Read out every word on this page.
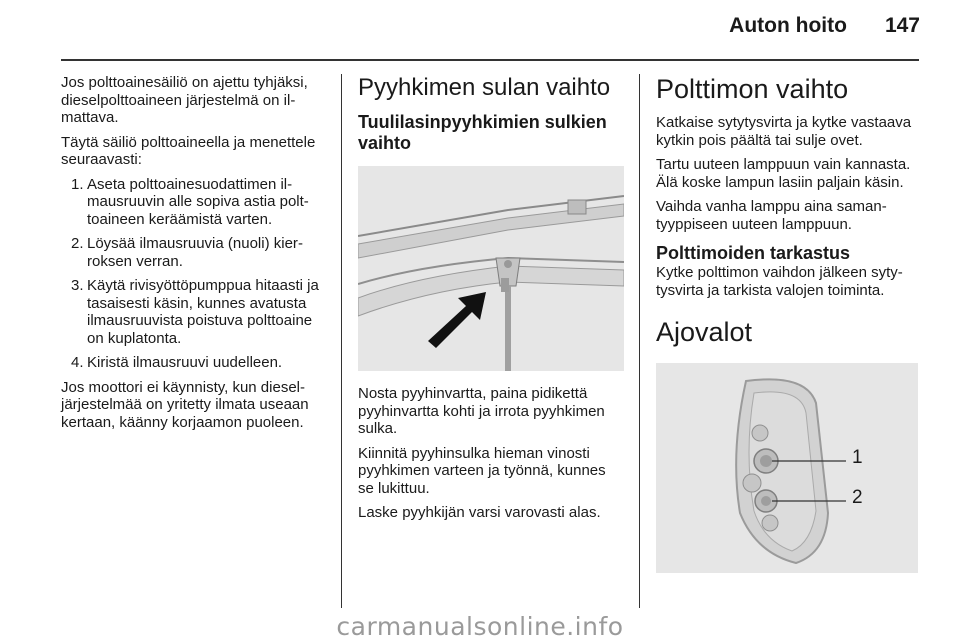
Auton hoito 147

Jos polttoainesäiliö on ajettu tyhjäksi, dieselpolttoaineen järjestelmä on ilmattava.

Täytä säiliö polttoaineella ja menettele seuraavasti:

1. Aseta polttoainesuodattimen ilmausruuvin alle sopiva astia polttoaineen keräämistä varten.
2. Löysää ilmausruuvia (nuoli) kierroksen verran.
3. Käytä rivisyöttöpumppua hitaasti ja tasaisesti käsin, kunnes avatusta ilmausruuvista poistuva polttoaine on kuplatonta.
4. Kiristä ilmausruuvi uudelleen.

Jos moottori ei käynnisty, kun dieseljärjestelmää on yritetty ilmata useaan kertaan, käänny korjaamon puoleen.

Pyyhkimen sulan vaihto
Tuulilasinpyyhkimien sulkien vaihto

Nosta pyyhinvartta, paina pidikettä pyyhinvartta kohti ja irrota pyyhkimen sulka.

Kiinnitä pyyhinsulka hieman vinosti pyyhkimen varteen ja työnnä, kunnes se lukittuu.

Laske pyyhkijän varsi varovasti alas.

Polttimon vaihto

Katkaise sytytysvirta ja kytke vastaava kytkin pois päältä tai sulje ovet.

Tartu uuteen lamppuun vain kannasta. Älä koske lampun lasiin paljain käsin.

Vaihda vanha lamppu aina samantyyppiseen uuteen lamppuun.

Polttimoiden tarkastus

Kytke polttimon vaihdon jälkeen sytytysvirta ja tarkista valojen toiminta.

Ajovalot
1
2
carmanualsonline.info
